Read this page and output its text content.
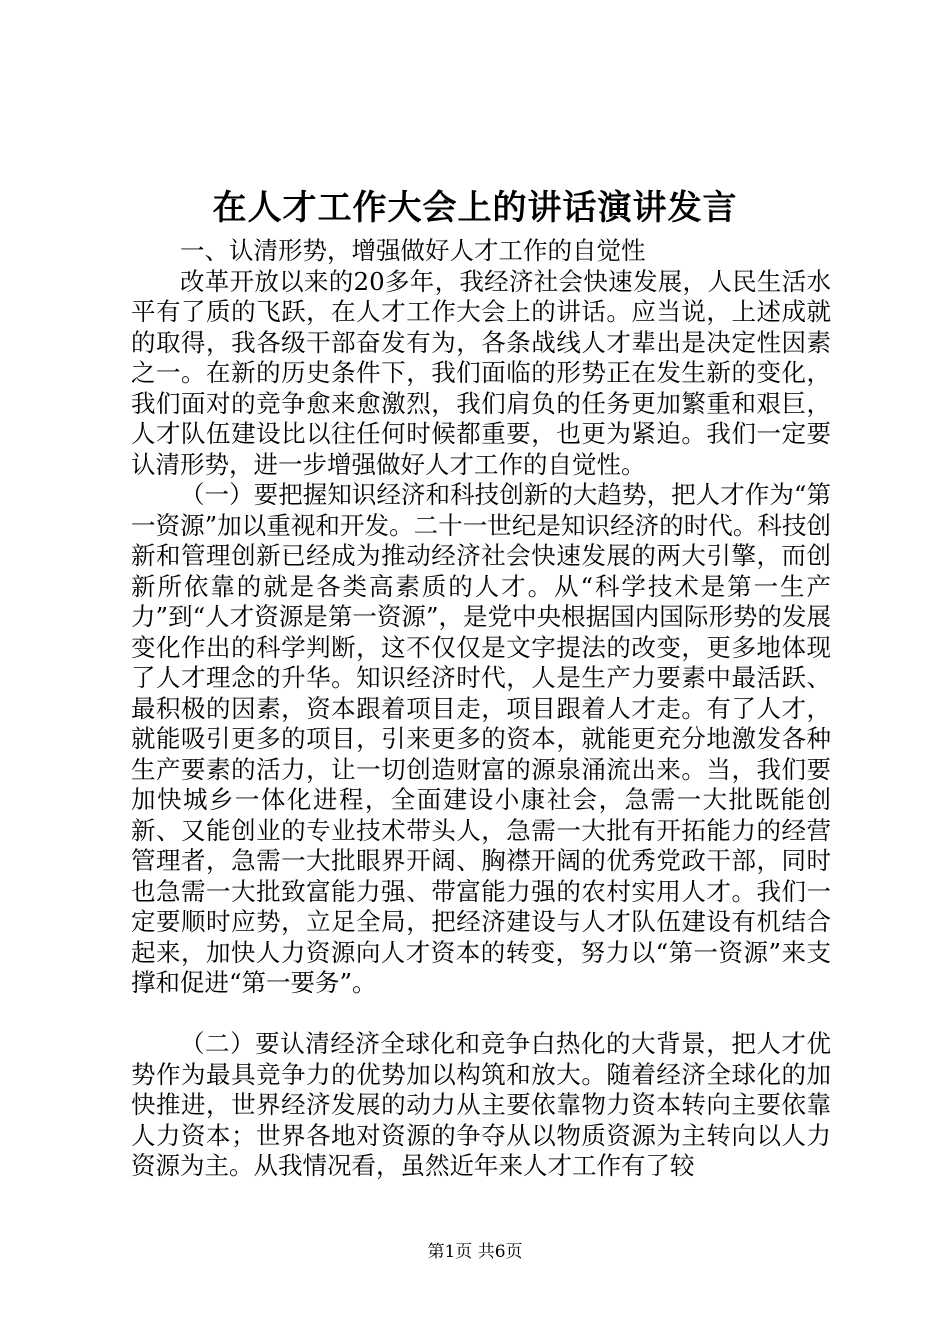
在人才工作大会上的讲话演讲发言

一、认清形势，增强做好人才工作的自觉性

改革开放以来的20多年，我经济社会快速发展，人民生活水平有了质的飞跃，在人才工作大会上的讲话。应当说，上述成就的取得，我各级干部奋发有为，各条战线人才辈出是决定性因素之一。在新的历史条件下，我们面临的形势正在发生新的变化，我们面对的竞争愈来愈激烈，我们肩负的任务更加繁重和艰巨，人才队伍建设比以往任何时候都重要，也更为紧迫。我们一定要认清形势，进一步增强做好人才工作的自觉性。

（一）要把握知识经济和科技创新的大趋势，把人才作为“第一资源”加以重视和开发。二十一世纪是知识经济的时代。科技创新和管理创新已经成为推动经济社会快速发展的两大引擎，而创新所依靠的就是各类高素质的人才。从“科学技术是第一生产力”到“人才资源是第一资源”，是党中央根据国内国际形势的发展变化作出的科学判断，这不仅仅是文字提法的改变，更多地体现了人才理念的升华。知识经济时代，人是生产力要素中最活跃、最积极的因素，资本跟着项目走，项目跟着人才走。有了人才，就能吸引更多的项目，引来更多的资本，就能更充分地激发各种生产要素的活力，让一切创造财富的源泉涌流出来。当，我们要加快城乡一体化进程，全面建设小康社会，急需一大批既能创新、又能创业的专业技术带头人，急需一大批有开拓能力的经营管理者，急需一大批眼界开阔、胸襟开阔的优秀党政干部，同时也急需一大批致富能力强、带富能力强的农村实用人才。我们一定要顺时应势，立足全局，把经济建设与人才队伍建设有机结合起来，加快人力资源向人才资本的转变，努力以“第一资源”来支撑和促进“第一要务”。

（二）要认清经济全球化和竞争白热化的大背景，把人才优势作为最具竞争力的优势加以构筑和放大。随着经济全球化的加快推进，世界经济发展的动力从主要依靠物力资本转向主要依靠人力资本；世界各地对资源的争夺从以物质资源为主转向以人力资源为主。从我情况看，虽然近年来人才工作有了较

第1页 共6页
